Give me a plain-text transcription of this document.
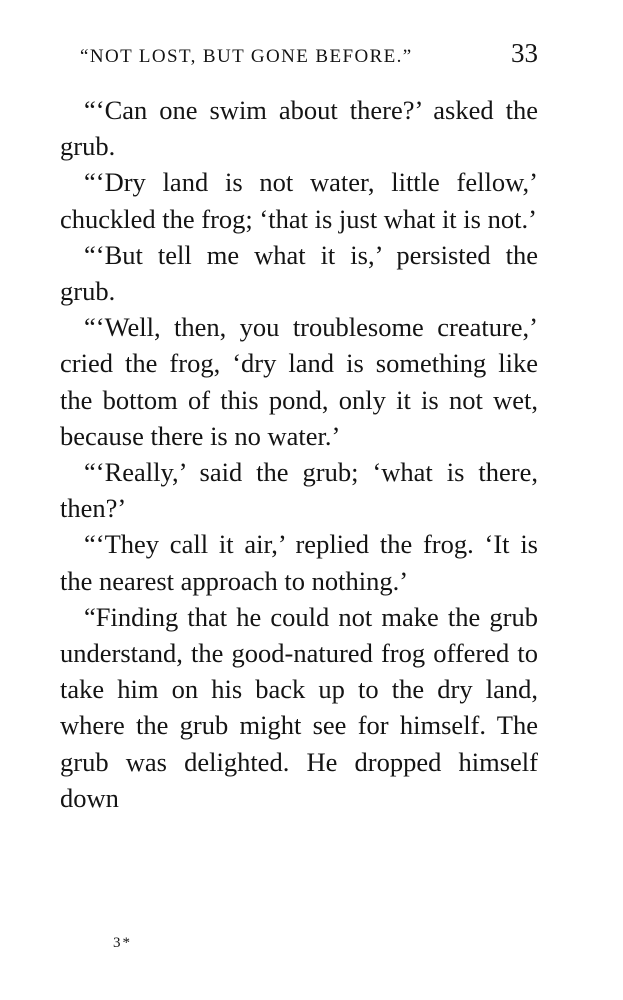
“NOT LOST, BUT GONE BEFORE.”	33

“‘Can one swim about there?’ asked the grub.

“‘Dry land is not water, little fellow,’ chuckled the frog; ‘that is just what it is not.’

“‘But tell me what it is,’ persisted the grub.

“‘Well, then, you troublesome creature,’ cried the frog, ‘dry land is something like the bottom of this pond, only it is not wet, because there is no water.’

“‘Really,’ said the grub; ‘what is there, then?’

“‘They call it air,’ replied the frog. ‘It is the nearest approach to nothing.’

“Finding that he could not make the grub understand, the good-natured frog offered to take him on his back up to the dry land, where the grub might see for himself. The grub was delighted. He dropped himself down

3*
